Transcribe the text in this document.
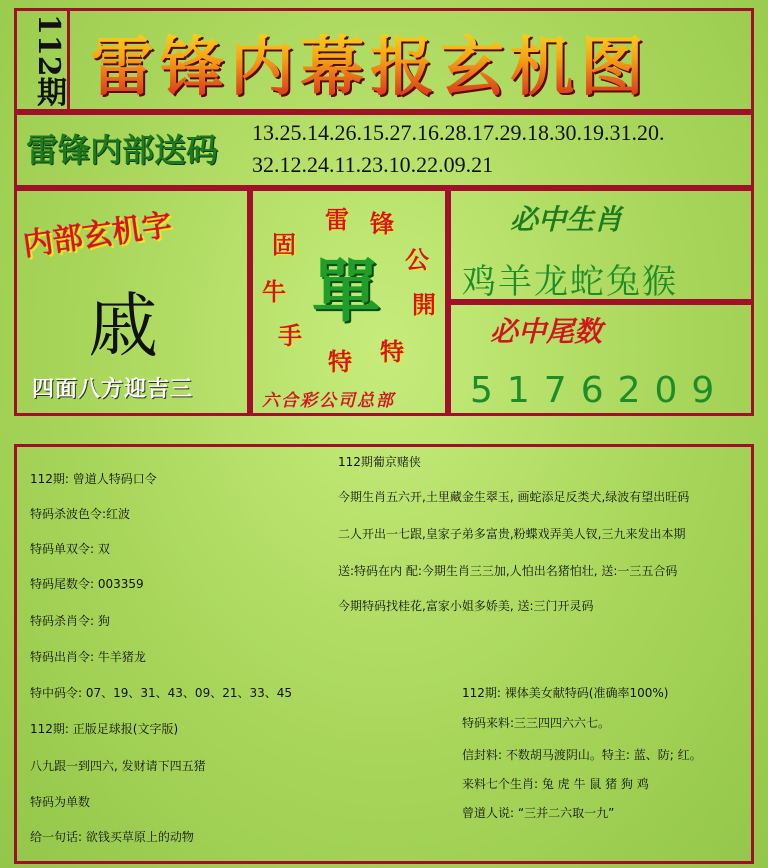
112期 雷锋内幕报玄机图
雷锋内部送码 13.25.14.26.15.27.16.28.17.29.18.30.19.31.20.
32.12.24.11.23.10.22.09.21
内部玄机字
戚
四面八方迎吉三
單
雷 锋
公
開
特
特
手
牛
固
六合彩公司总部
必中生肖
鸡羊龙蛇兔猴
必中尾数
5176209
112期: 曾道人特码口令
特码杀波色令:红波
特码单双令: 双
特码尾数令: 003359
特码杀肖令: 狗
特码出肖令: 牛羊猪龙
特中码令: 07、19、31、43、09、21、33、45
112期: 正版足球报(文字版)
八九跟一到四六, 发财请下四五猪
特码为单数
给一句话: 欲钱买草原上的动物
112期葡京赌侠
今期生肖五六开,土里藏金生翠玉, 画蛇添足反类犬,绿波有望出旺码
二人开出一七跟,皇家子弟多富贵,粉蝶戏弄美人钗,三九来发出本期
送:特码在内 配:今期生肖三三加,人怕出名猪怕壮, 送:一三五合码
今期特码找桂花,富家小姐多娇美, 送:三门开灵码
112期: 裸体美女献特码(准确率100%)
特码来料:三三四四六六七。
信封料: 不数胡马渡阴山。特主: 蓝、防; 红。
来料七个生肖: 兔 虎 牛 鼠 猪 狗 鸡
曾道人说: “三并二六取一九”
